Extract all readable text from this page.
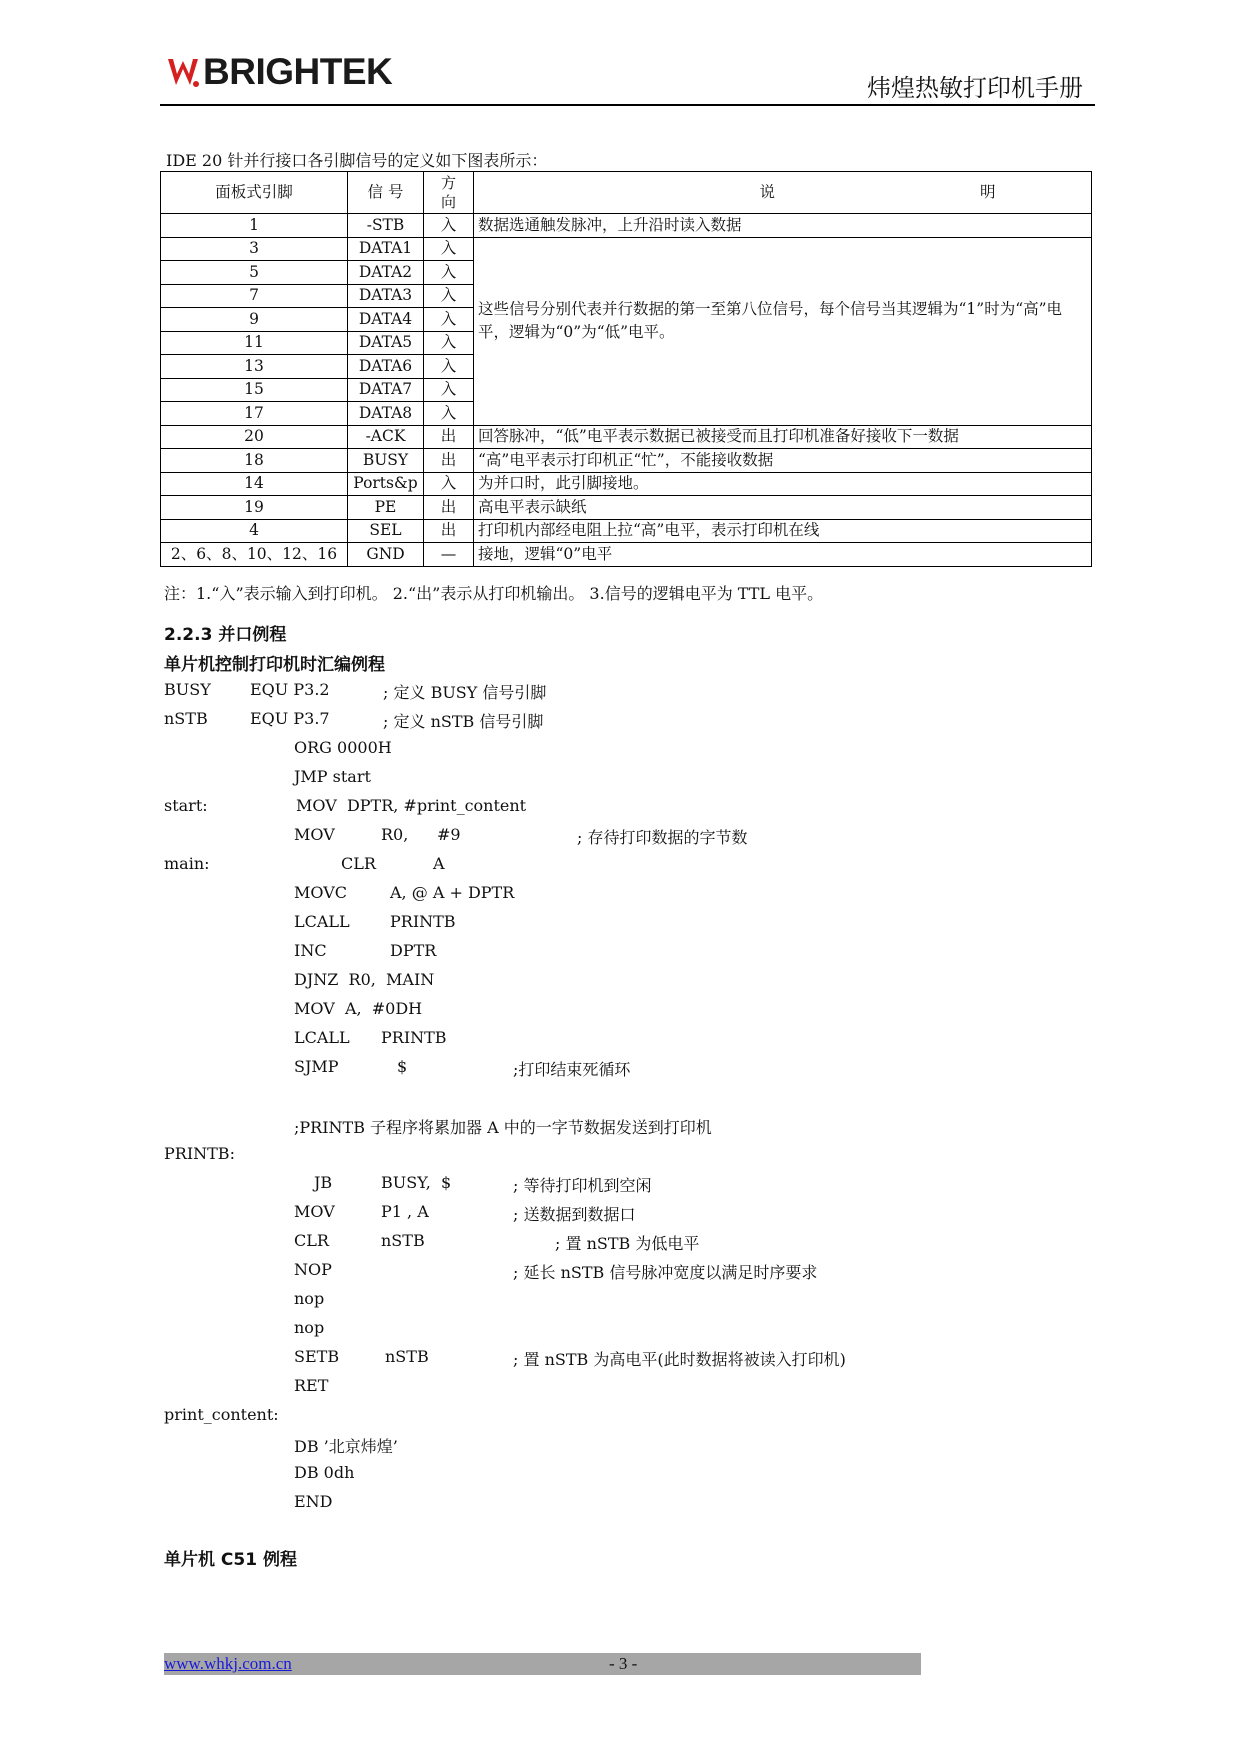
BRIGHTEK	炜煌热敏打印机手册
IDE 20 针并行接口各引脚信号的定义如下图表所示：
面板式引脚	信 号	方向	说 明
1	-STB	入	数据选通触发脉冲，上升沿时读入数据
3	DATA1	入	这些信号分别代表并行数据的第一至第八位信号，每个信号当其逻辑为“1”时为“高”电平，逻辑为“0”为“低”电平。
5	DATA2	入	
7	DATA3	入	
9	DATA4	入	
11	DATA5	入	
13	DATA6	入	
15	DATA7	入	
17	DATA8	入	
20	-ACK	出	回答脉冲，“低”电平表示数据已被接受而且打印机准备好接收下一数据
18	BUSY	出	“高”电平表示打印机正“忙”，不能接收数据
14	Ports&p	入	为并口时，此引脚接地。
19	PE	出	高电平表示缺纸
4	SEL	出	打印机内部经电阻上拉“高”电平，表示打印机在线
2、6、8、10、12、16	GND	—	接地，逻辑“0”电平
注：1.“入”表示输入到打印机。 2.“出”表示从打印机输出。 3.信号的逻辑电平为 TTL 电平。
2.2.3 并口例程
单片机控制打印机时汇编例程
BUSY EQU P3.2	; 定义 BUSY 信号引脚
nSTB	EQU P3.7	; 定义 nSTB 信号引脚
ORG 0000H
JMP start
start:	MOV  DPTR, #print_content
MOV	R0, #9	; 存待打印数据的字节数
main:	CLR	A
MOVC	A, @ A + DPTR
LCALL	PRINTB
INC	DPTR
DJNZ  R0,  MAIN
MOV  A,  #0DH
LCALL PRINTB
SJMP	$	;打印结束死循环
;PRINTB 子程序将累加器 A 中的一字节数据发送到打印机
PRINTB:
JB	BUSY,  $	; 等待打印机到空闲
MOV	P1 , A	; 送数据到数据口
CLR	nSTB	; 置 nSTB 为低电平
NOP	; 延长 nSTB 信号脉冲宽度以满足时序要求
nop
nop
SETB	nSTB	; 置 nSTB 为高电平(此时数据将被读入打印机)
RET
print_content:
DB ’北京炜煌’
DB 0dh
END
单片机 C51 例程
www.whkj.com.cn	- 3 -
